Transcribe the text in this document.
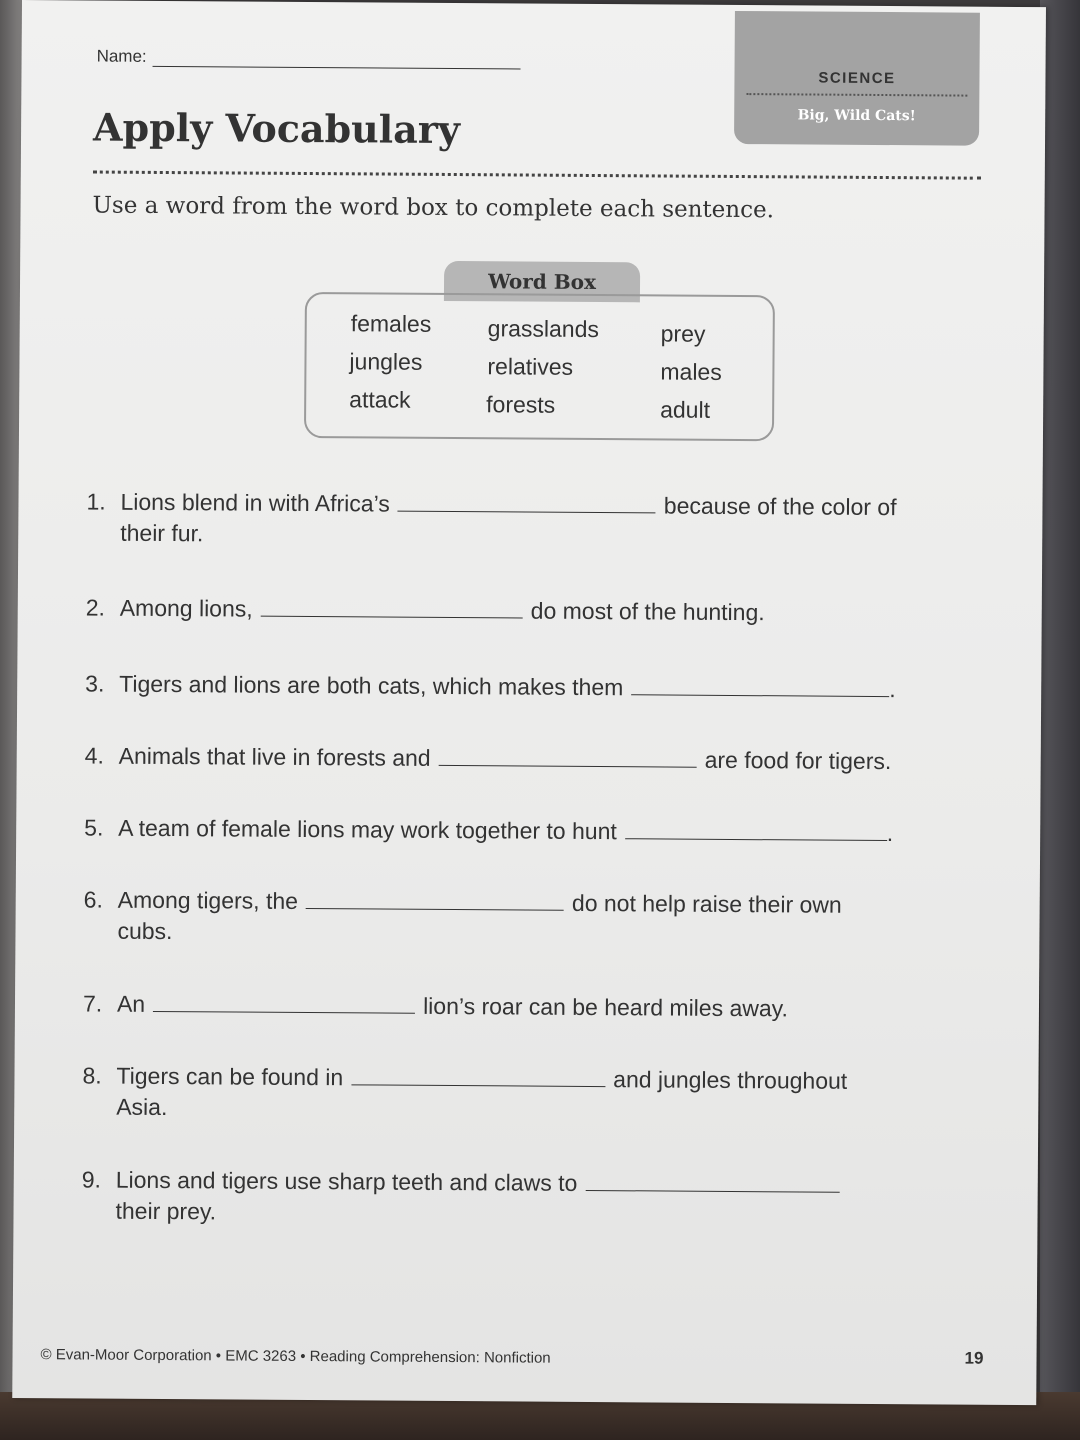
Name:
SCIENCE
Big, Wild Cats!
Apply Vocabulary
Use a word from the word box to complete each sentence.
Word Box
females grasslands	prey
jungles	relatives	males
attack	forests	adult
1. Lions blend in with Africa’s	because of the color of their fur.
2. Among lions,	do most of the hunting.
3. Tigers and lions are both cats, which makes them	.
4. Animals that live in forests and	are food for tigers.
5. A team of female lions may work together to hunt	.
6. Among tigers, the	do not help raise their own cubs.
7. An	lion’s roar can be heard miles away.
8. Tigers can be found in	and jungles throughout Asia.
9. Lions and tigers use sharp teeth and claws to
their prey.
© Evan-Moor Corporation • EMC 3263 • Reading Comprehension: Nonfiction	19
